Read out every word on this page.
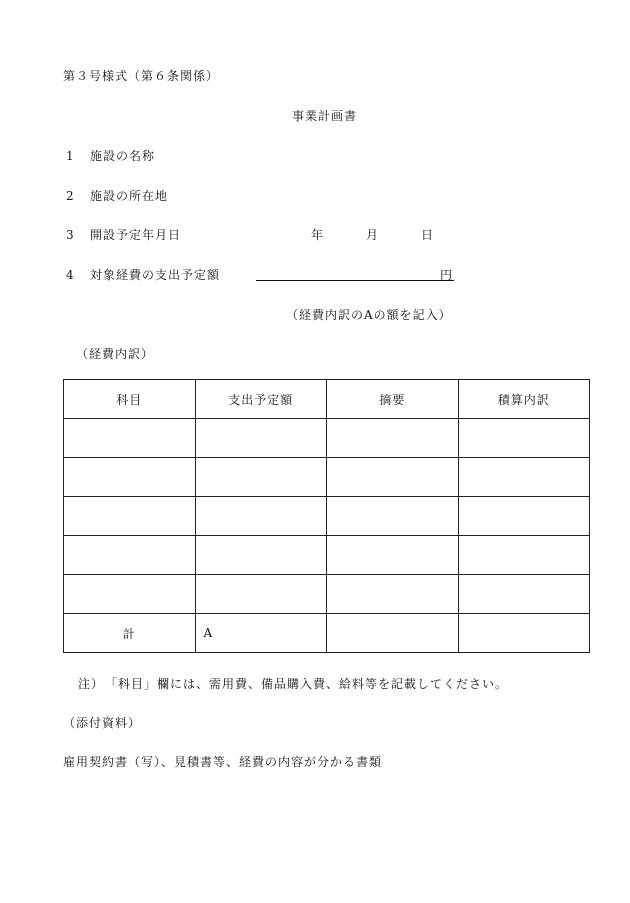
第３号様式（第６条関係）
事業計画書
1 施設の名称
2 施設の所在地
3 開設予定年月日	年	月	日
4 対象経費の支出予定額	円
（経費内訳のAの額を記入）
（経費内訳）
科目	支出予定額	摘要	積算内訳

計	A		
注）　「科目」欄には、需用費、備品購入費、給料等を記載してください。
（添付資料）
雇用契約書（写）、見積書等、経費の内容が分かる書類
